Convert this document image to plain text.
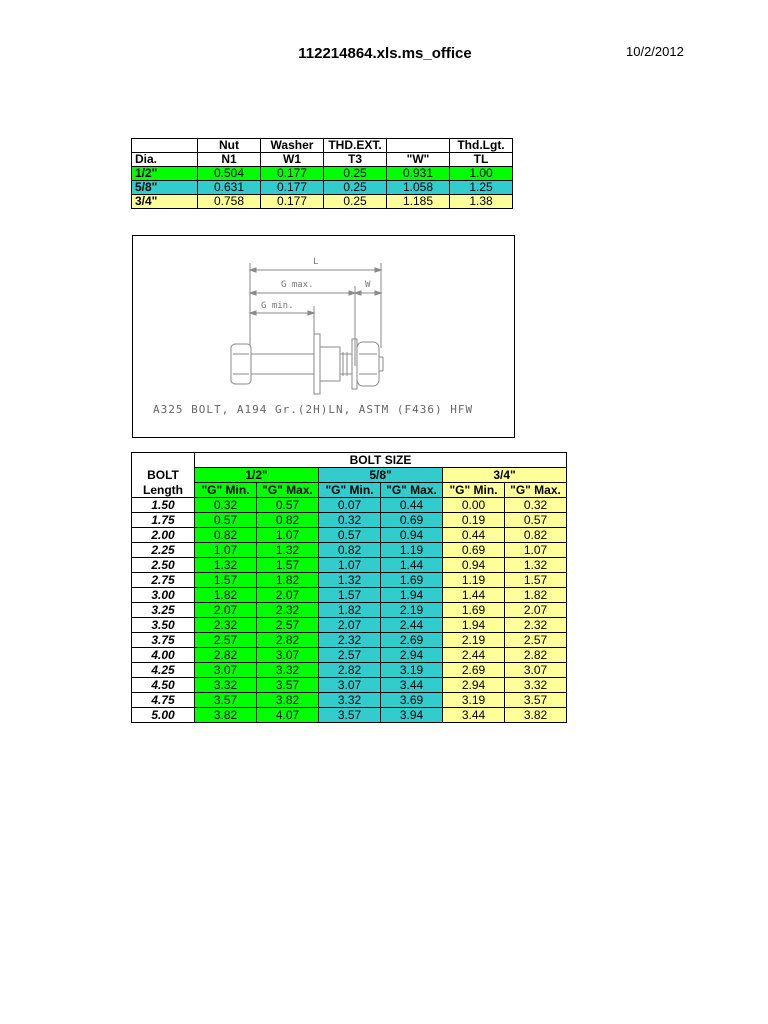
112214864.xls.ms_office	10/2/2012
	Nut	Washer	THD.EXT.		Thd.Lgt.
Dia.	N1	W1	T3	"W"	TL
1/2"	0.504	0.177	0.25	0.931	1.00
5/8"	0.631	0.177	0.25	1.058	1.25
3/4"	0.758	0.177	0.25	1.185	1.38
L
G max.	W
G min.
A325 BOLT, A194 Gr.(2H)LN, ASTM (F436) HFW
	BOLT SIZE					
BOLT	1/2"		5/8"		3/4"	
Length	"G" Min.	"G" Max.	"G" Min.	"G" Max.	"G" Min.	"G" Max.
1.50	0.32	0.57	0.07	0.44	0.00	0.32
1.75	0.57	0.82	0.32	0.69	0.19	0.57
2.00	0.82	1.07	0.57	0.94	0.44	0.82
2.25	1.07	1.32	0.82	1.19	0.69	1.07
2.50	1.32	1.57	1.07	1.44	0.94	1.32
2.75	1.57	1.82	1.32	1.69	1.19	1.57
3.00	1.82	2.07	1.57	1.94	1.44	1.82
3.25	2.07	2.32	1.82	2.19	1.69	2.07
3.50	2.32	2.57	2.07	2.44	1.94	2.32
3.75	2.57	2.82	2.32	2.69	2.19	2.57
4.00	2.82	3.07	2.57	2.94	2.44	2.82
4.25	3.07	3.32	2.82	3.19	2.69	3.07
4.50	3.32	3.57	3.07	3.44	2.94	3.32
4.75	3.57	3.82	3.32	3.69	3.19	3.57
5.00	3.82	4.07	3.57	3.94	3.44	3.82
